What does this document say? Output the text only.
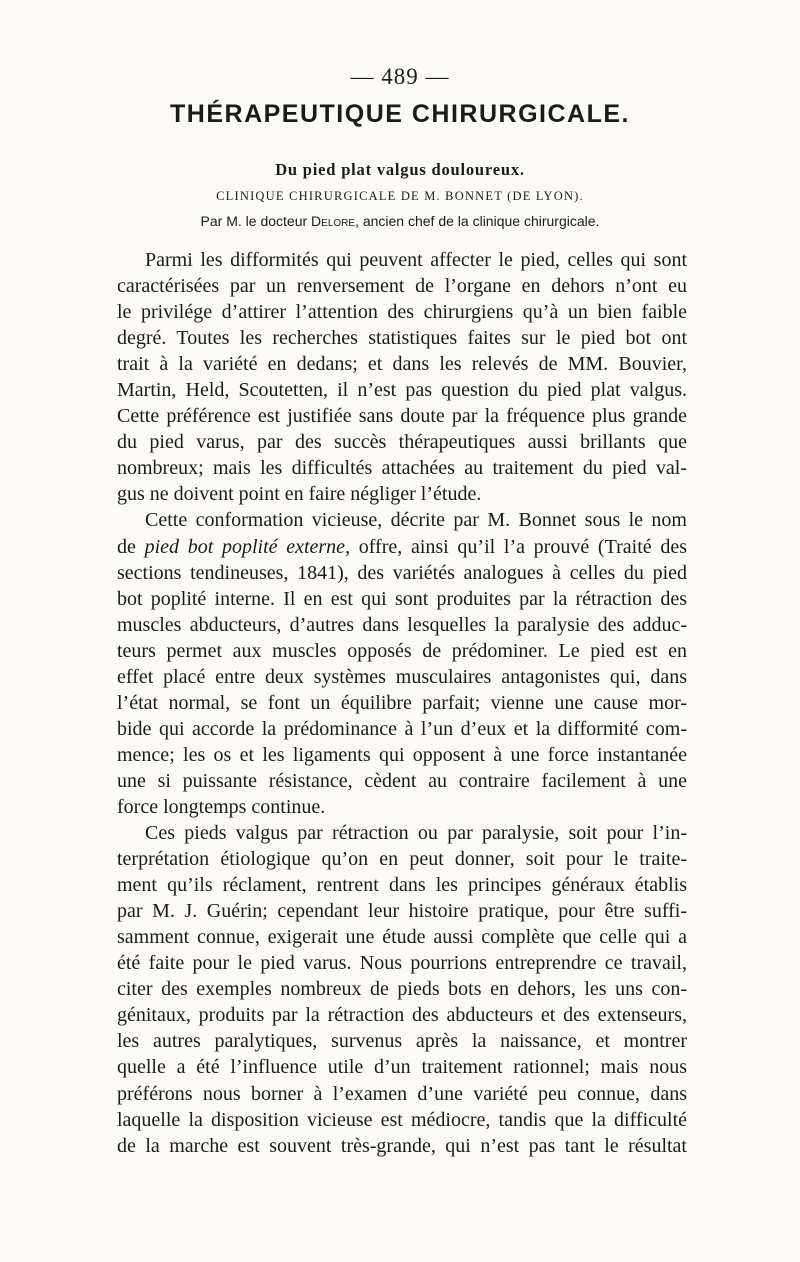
— 489 —
THÉRAPEUTIQUE CHIRURGICALE.
Du pied plat valgus douloureux.
CLINIQUE CHIRURGICALE DE M. BONNET (DE LYON).
Par M. le docteur Delore, ancien chef de la clinique chirurgicale.
Parmi les difformités qui peuvent affecter le pied, celles qui sont
caractérisées par un renversement de l’organe en dehors n’ont eu
le privilége d’attirer l’attention des chirurgiens qu’à un bien faible
degré. Toutes les recherches statistiques faites sur le pied bot ont
trait à la variété en dedans; et dans les relevés de MM. Bouvier,
Martin, Held, Scoutetten, il n’est pas question du pied plat valgus.
Cette préférence est justifiée sans doute par la fréquence plus grande
du pied varus, par des succès thérapeutiques aussi brillants que
nombreux; mais les difficultés attachées au traitement du pied val-
gus ne doivent point en faire négliger l’étude.
Cette conformation vicieuse, décrite par M. Bonnet sous le nom
de pied bot poplité externe, offre, ainsi qu’il l’a prouvé (Traité des
sections tendineuses, 1841), des variétés analogues à celles du pied
bot poplité interne. Il en est qui sont produites par la rétraction des
muscles abducteurs, d’autres dans lesquelles la paralysie des adduc-
teurs permet aux muscles opposés de prédominer. Le pied est en
effet placé entre deux systèmes musculaires antagonistes qui, dans
l’état normal, se font un équilibre parfait; vienne une cause mor-
bide qui accorde la prédominance à l’un d’eux et la difformité com-
mence; les os et les ligaments qui opposent à une force instantanée
une si puissante résistance, cèdent au contraire facilement à une
force longtemps continue.
Ces pieds valgus par rétraction ou par paralysie, soit pour l’in-
terprétation étiologique qu’on en peut donner, soit pour le traite-
ment qu’ils réclament, rentrent dans les principes généraux établis
par M. J. Guérin; cependant leur histoire pratique, pour être suffi-
samment connue, exigerait une étude aussi complète que celle qui a
été faite pour le pied varus. Nous pourrions entreprendre ce travail,
citer des exemples nombreux de pieds bots en dehors, les uns con-
génitaux, produits par la rétraction des abducteurs et des extenseurs,
les autres paralytiques, survenus après la naissance, et montrer
quelle a été l’influence utile d’un traitement rationnel; mais nous
préférons nous borner à l’examen d’une variété peu connue, dans
laquelle la disposition vicieuse est médiocre, tandis que la difficulté
de la marche est souvent très-grande, qui n’est pas tant le résultat
